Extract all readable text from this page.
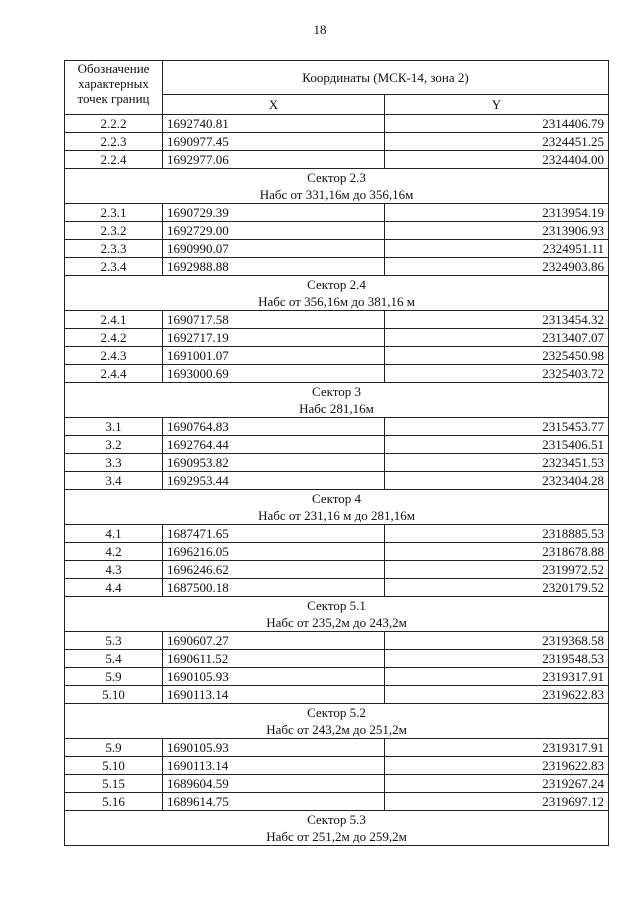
18
Обозначение характерных точек границ	Координаты (МСК-14, зона 2)	
	X	Y
2.2.2	1692740.81	2314406.79
2.2.3	1690977.45	2324451.25
2.2.4	1692977.06	2324404.00

Сектор 2.3
Набс от 331,16м до 356,16м		

2.3.1	1690729.39	2313954.19
2.3.2	1692729.00	2313906.93
2.3.3	1690990.07	2324951.11
2.3.4	1692988.88	2324903.86

Сектор 2.4
Набс от 356,16м до 381,16 м		

2.4.1	1690717.58	2313454.32
2.4.2	1692717.19	2313407.07
2.4.3	1691001.07	2325450.98
2.4.4	1693000.69	2325403.72

Сектор 3
Набс 281,16м		

3.1	1690764.83	2315453.77
3.2	1692764.44	2315406.51
3.3	1690953.82	2323451.53
3.4	1692953.44	2323404.28

Сектор 4
Набс от 231,16 м до 281,16м		

4.1	1687471.65	2318885.53
4.2	1696216.05	2318678.88
4.3	1696246.62	2319972.52
4.4	1687500.18	2320179.52

Сектор 5.1
Набс от 235,2м до 243,2м		

5.3	1690607.27	2319368.58
5.4	1690611.52	2319548.53
5.9	1690105.93	2319317.91
5.10	1690113.14	2319622.83

Сектор 5.2
Набс от 243,2м до 251,2м		

5.9	1690105.93	2319317.91
5.10	1690113.14	2319622.83
5.15	1689604.59	2319267.24
5.16	1689614.75	2319697.12

Сектор 5.3
Набс от 251,2м до 259,2м		
